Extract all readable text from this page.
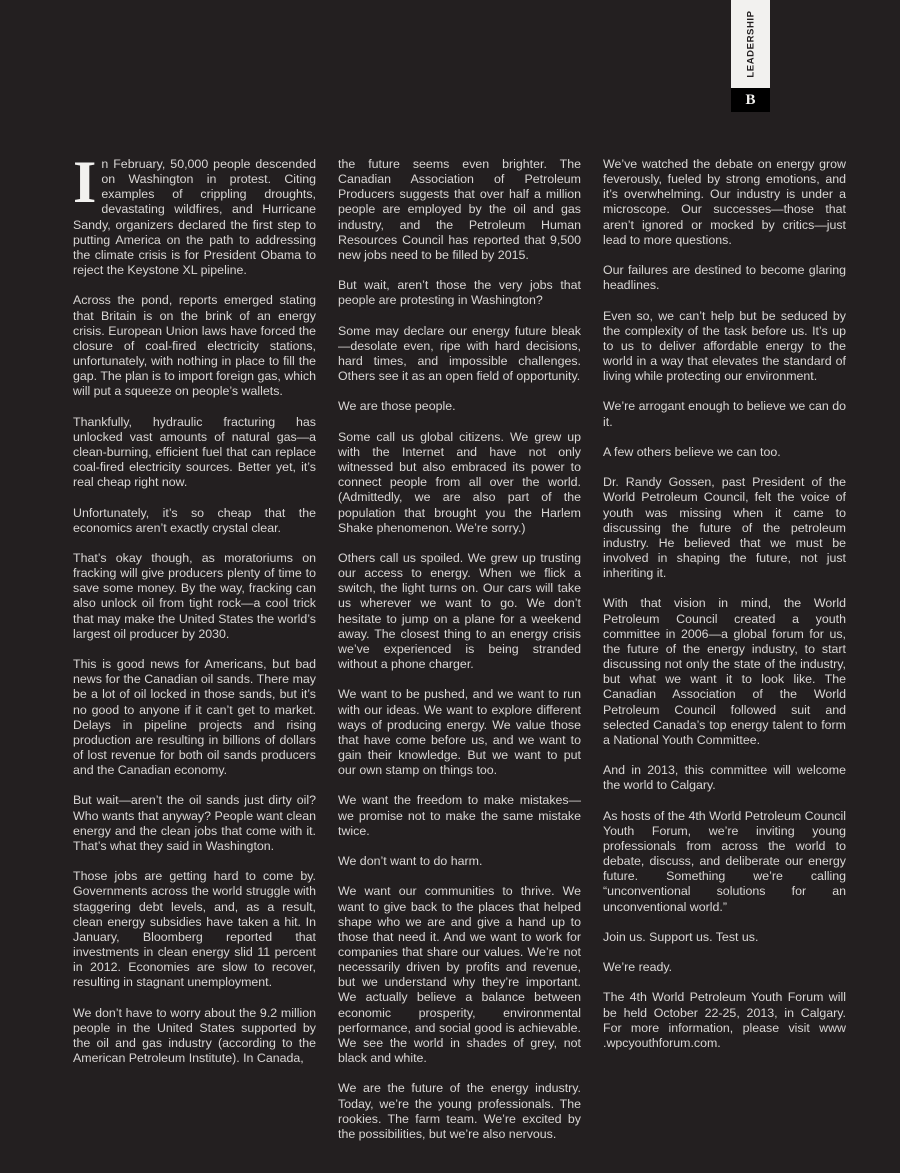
LEADERSHIP
B

In February, 50,000 people descended on Washington in protest. Citing examples of crippling droughts, devastating wildfires, and Hurricane Sandy, organizers declared the first step to putting America on the path to addressing the climate crisis is for President Obama to reject the Keystone XL pipeline.

Across the pond, reports emerged stating that Britain is on the brink of an energy crisis. European Union laws have forced the closure of coal-fired electricity stations, unfortunately, with nothing in place to fill the gap. The plan is to import foreign gas, which will put a squeeze on people’s wallets.

Thankfully, hydraulic fracturing has unlocked vast amounts of natural gas—a clean-burning, efficient fuel that can replace coal-fired electricity sources. Better yet, it’s real cheap right now.

Unfortunately, it’s so cheap that the economics aren’t exactly crystal clear.

That’s okay though, as moratoriums on fracking will give producers plenty of time to save some money. By the way, fracking can also unlock oil from tight rock—a cool trick that may make the United States the world’s largest oil producer by 2030.

This is good news for Americans, but bad news for the Canadian oil sands. There may be a lot of oil locked in those sands, but it’s no good to anyone if it can’t get to market. Delays in pipeline projects and rising production are resulting in billions of dollars of lost revenue for both oil sands producers and the Canadian economy.

But wait—aren’t the oil sands just dirty oil? Who wants that anyway? People want clean energy and the clean jobs that come with it. That’s what they said in Washington.

Those jobs are getting hard to come by. Governments across the world struggle with staggering debt levels, and, as a result, clean energy subsidies have taken a hit. In January, Bloomberg reported that investments in clean energy slid 11 percent in 2012. Economies are slow to recover, resulting in stagnant unemployment.

We don’t have to worry about the 9.2 million people in the United States supported by the oil and gas industry (according to the American Petroleum Institute). In Canada,

the future seems even brighter. The Canadian Association of Petroleum Producers suggests that over half a million people are employed by the oil and gas industry, and the Petroleum Human Resources Council has reported that 9,500 new jobs need to be filled by 2015.

But wait, aren’t those the very jobs that people are protesting in Washington?

Some may declare our energy future bleak—desolate even, ripe with hard decisions, hard times, and impossible challenges. Others see it as an open field of opportunity.

We are those people.

Some call us global citizens. We grew up with the Internet and have not only witnessed but also embraced its power to connect people from all over the world. (Admittedly, we are also part of the population that brought you the Harlem Shake phenomenon. We’re sorry.)

Others call us spoiled. We grew up trusting our access to energy. When we flick a switch, the light turns on. Our cars will take us wherever we want to go. We don’t hesitate to jump on a plane for a weekend away. The closest thing to an energy crisis we’ve experienced is being stranded without a phone charger.

We want to be pushed, and we want to run with our ideas. We want to explore different ways of producing energy. We value those that have come before us, and we want to gain their knowledge. But we want to put our own stamp on things too.

We want the freedom to make mistakes—we promise not to make the same mistake twice.

We don’t want to do harm.

We want our communities to thrive. We want to give back to the places that helped shape who we are and give a hand up to those that need it. And we want to work for companies that share our values. We’re not necessarily driven by profits and revenue, but we understand why they’re important. We actually believe a balance between economic prosperity, environmental performance, and social good is achievable. We see the world in shades of grey, not black and white.

We are the future of the energy industry. Today, we’re the young professionals. The rookies. The farm team. We’re excited by the possibilities, but we’re also nervous.

We’ve watched the debate on energy grow feverously, fueled by strong emotions, and it’s overwhelming. Our industry is under a microscope. Our successes—those that aren’t ignored or mocked by critics—just lead to more questions.

Our failures are destined to become glaring headlines.

Even so, we can’t help but be seduced by the complexity of the task before us. It’s up to us to deliver affordable energy to the world in a way that elevates the standard of living while protecting our environment.

We’re arrogant enough to believe we can do it.

A few others believe we can too.

Dr. Randy Gossen, past President of the World Petroleum Council, felt the voice of youth was missing when it came to discussing the future of the petroleum industry. He believed that we must be involved in shaping the future, not just inheriting it.

With that vision in mind, the World Petroleum Council created a youth committee in 2006—a global forum for us, the future of the energy industry, to start discussing not only the state of the industry, but what we want it to look like. The Canadian Association of the World Petroleum Council followed suit and selected Canada’s top energy talent to form a National Youth Committee.

And in 2013, this committee will welcome the world to Calgary.

As hosts of the 4th World Petroleum Council Youth Forum, we’re inviting young professionals from across the world to debate, discuss, and deliberate our energy future. Something we’re calling “unconventional solutions for an unconventional world.”

Join us. Support us. Test us.

We’re ready.

The 4th World Petroleum Youth Forum will be held October 22-25, 2013, in Calgary. For more information, please visit www .wpcyouthforum.com.
